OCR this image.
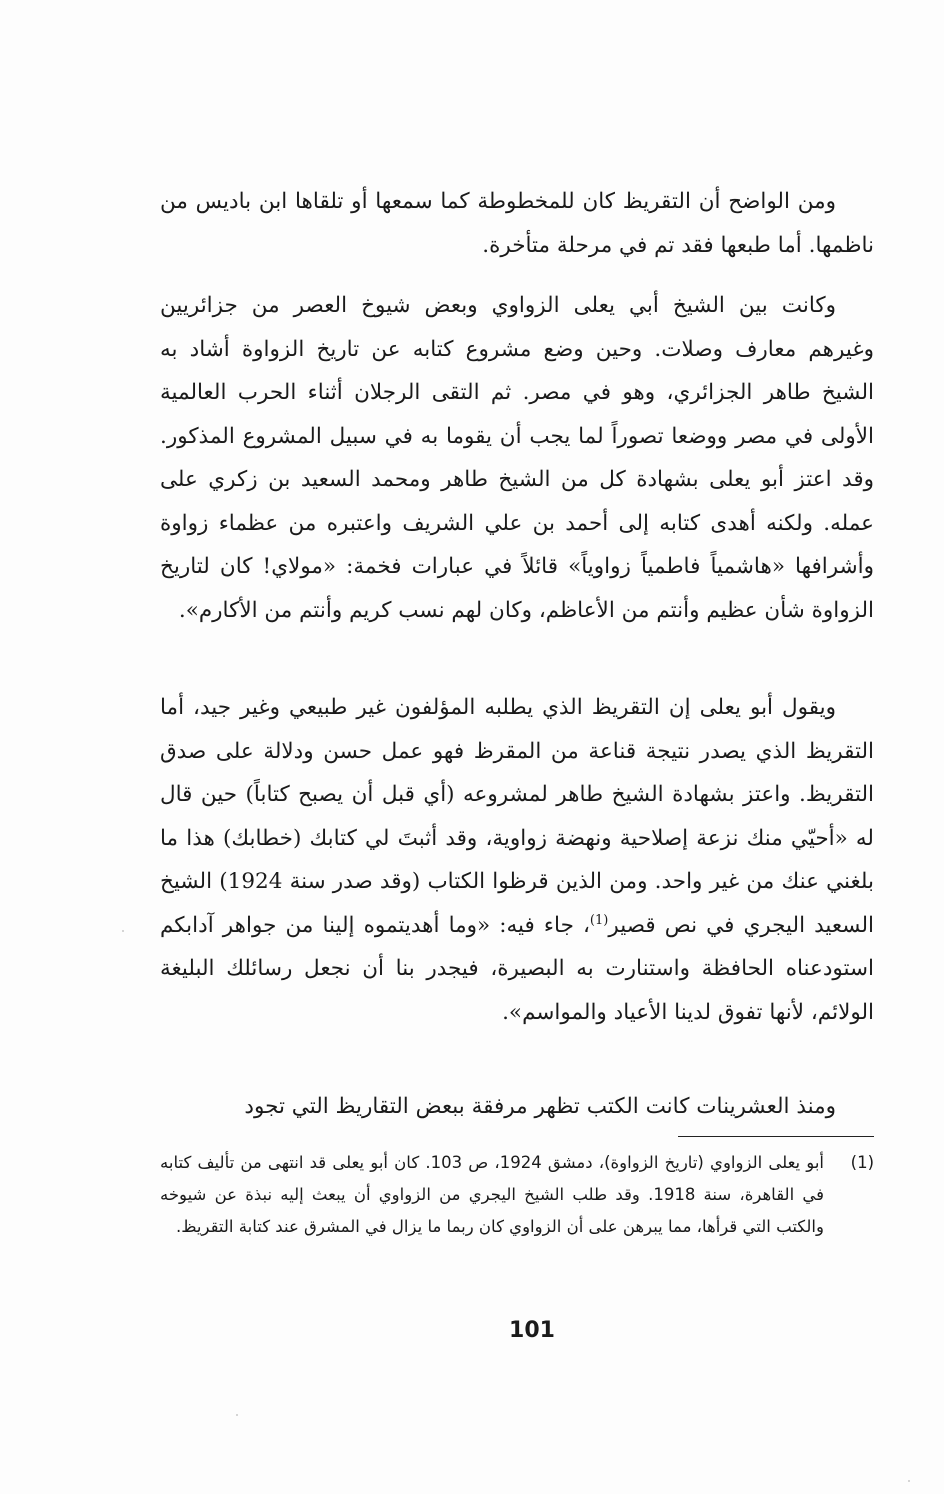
ومن الواضح أن التقريظ كان للمخطوطة كما سمعها أو تلقاها ابن باديس من ناظمها. أما طبعها فقد تم في مرحلة متأخرة.

وكانت بين الشيخ أبي يعلى الزواوي وبعض شيوخ العصر من جزائريين وغيرهم معارف وصلات. وحين وضع مشروع كتابه عن تاريخ الزواوة أشاد به الشيخ طاهر الجزائري، وهو في مصر. ثم التقى الرجلان أثناء الحرب العالمية الأولى في مصر ووضعا تصوراً لما يجب أن يقوما به في سبيل المشروع المذكور. وقد اعتز أبو يعلى بشهادة كل من الشيخ طاهر ومحمد السعيد بن زكري على عمله. ولكنه أهدى كتابه إلى أحمد بن علي الشريف واعتبره من عظماء زواوة وأشرافها «هاشمياً فاطمياً زواوياً» قائلاً في عبارات فخمة: «مولاي! كان لتاريخ الزواوة شأن عظيم وأنتم من الأعاظم، وكان لهم نسب كريم وأنتم من الأكارم».

ويقول أبو يعلى إن التقريظ الذي يطلبه المؤلفون غير طبيعي وغير جيد، أما التقريظ الذي يصدر نتيجة قناعة من المقرظ فهو عمل حسن ودلالة على صدق التقريظ. واعتز بشهادة الشيخ طاهر لمشروعه (أي قبل أن يصبح كتاباً) حين قال له «أحيّي منك نزعة إصلاحية ونهضة زواوية، وقد أثبتَ لي كتابك (خطابك) هذا ما بلغني عنك من غير واحد. ومن الذين قرظوا الكتاب (وقد صدر سنة 1924) الشيخ السعيد اليجري في نص قصير$^{(1)}$، جاء فيه: «وما أهديتموه إلينا من جواهر آدابكم استودعناه الحافظة واستنارت به البصيرة، فيجدر بنا أن نجعل رسائلك البليغة الولائم، لأنها تفوق لدينا الأعياد والمواسم».

ومنذ العشرينات كانت الكتب تظهر مرفقة ببعض التقاريظ التي تجود

(1)

أبو يعلى الزواوي (تاريخ الزواوة)، دمشق 1924، ص 103. كان أبو يعلى قد انتهى من تأليف كتابه في القاهرة، سنة 1918. وقد طلب الشيخ اليجري من الزواوي أن يبعث إليه نبذة عن شيوخه والكتب التي قرأها، مما يبرهن على أن الزواوي كان ربما ما يزال في المشرق عند كتابة التقريظ.

101
